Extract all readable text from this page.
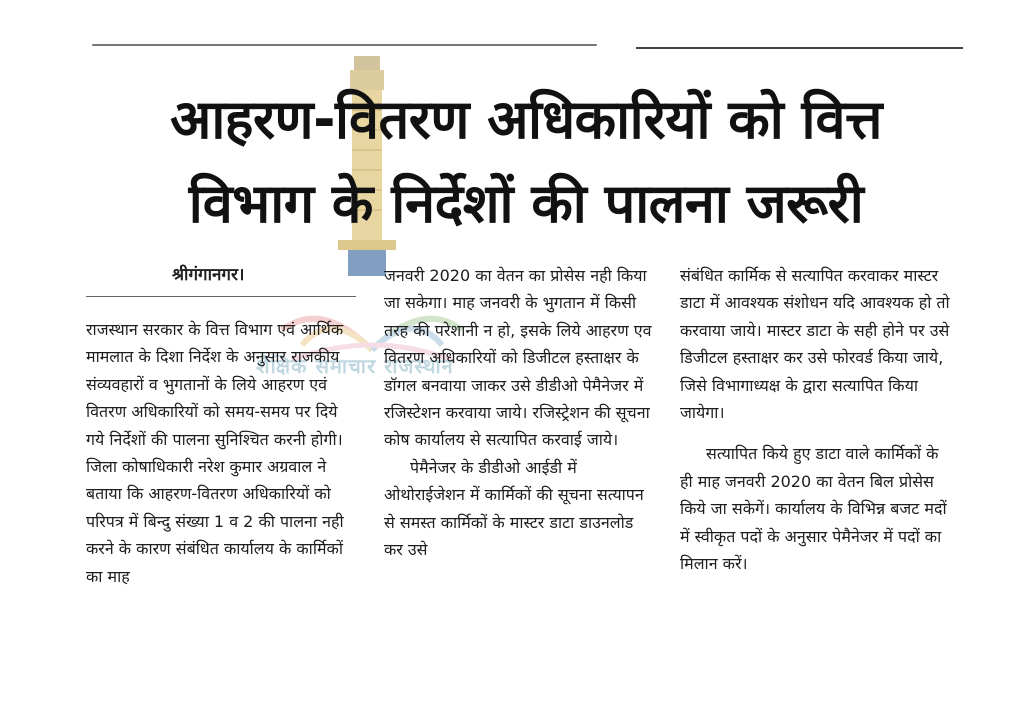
शैक्षिक समाचार राजस्थान
आहरण-वितरण अधिकारियों को वित्त
विभाग के निर्देशों की पालना जरूरी
श्रीगंगानगर।

राजस्थान सरकार के वित्त विभाग एवं आर्थिक मामलात के दिशा निर्देश के अनुसार राजकीय संव्यवहारों व भुगतानों के लिये आहरण एवं वितरण अधिकारियों को समय-समय पर दिये गये निर्देशों की पालना सुनिश्चित करनी होगी। जिला कोषाधिकारी नरेश कुमार अग्रवाल ने बताया कि आहरण-वितरण अधिकारियों को परिपत्र में बिन्दु संख्या 1 व 2 की पालना नही करने के कारण संबंधित कार्यालय के कार्मिकों का माह

जनवरी 2020 का वेतन का प्रोसेस नही किया जा सकेगा। माह जनवरी के भुगतान में किसी तरह की परेशानी न हो, इसके लिये आहरण एव वितरण अधिकारियों को डिजीटल हस्ताक्षर के डॉगल बनवाया जाकर उसे डीडीओ पेमैनेजर में रजिस्टेशन करवाया जाये। रजिस्ट्रेशन की सूचना कोष कार्यालय से सत्यापित करवाई जाये।

पेमैनेजर के डीडीओ आईडी में ओथोराईजेशन में कार्मिकों की सूचना सत्यापन से समस्त कार्मिकों के मास्टर डाटा डाउनलोड कर उसे

संबंधित कार्मिक से सत्यापित करवाकर मास्टर डाटा में आवश्यक संशोधन यदि आवश्यक हो तो करवाया जाये। मास्टर डाटा के सही होने पर उसे डिजीटल हस्ताक्षर कर उसे फोरवर्ड किया जाये, जिसे विभागाध्यक्ष के द्वारा सत्यापित किया जायेगा।

सत्यापित किये हुए डाटा वाले कार्मिकों के ही माह जनवरी 2020 का वेतन बिल प्रोसेस किये जा सकेगें। कार्यालय के विभिन्न बजट मदों में स्वीकृत पदों के अनुसार पेमैनेजर में पदों का मिलान करें।
